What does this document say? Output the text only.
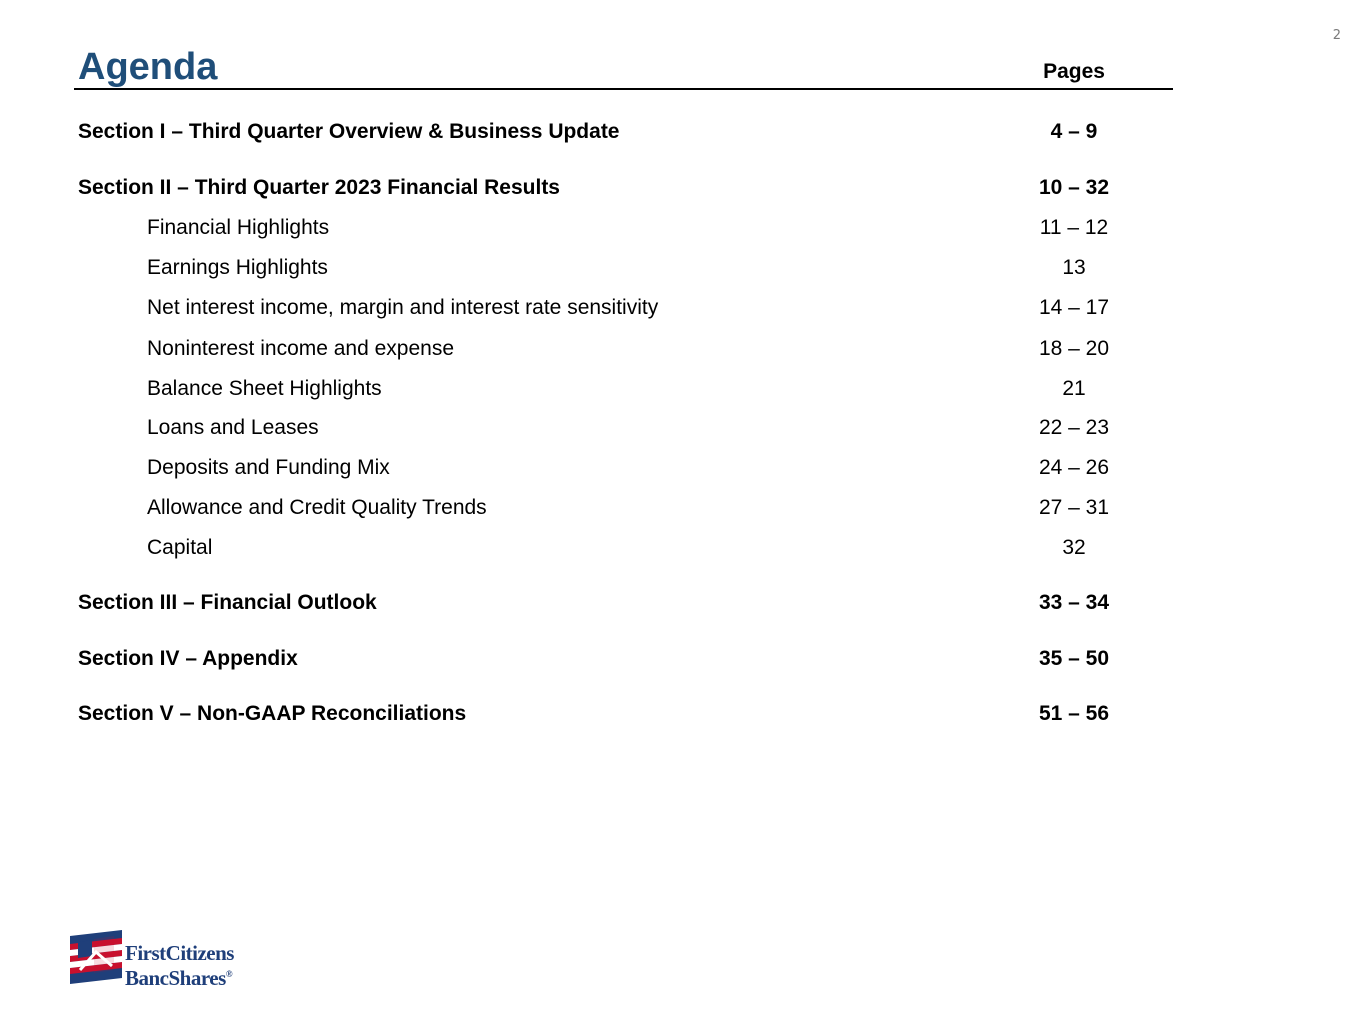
2
Agenda	Pages
Section I – Third Quarter Overview & Business Update	4 – 9
Section II – Third Quarter 2023 Financial Results	10 – 32
Financial Highlights	11 – 12
Earnings Highlights	13
Net interest income, margin and interest rate sensitivity	14 – 17
Noninterest income and expense	18 – 20
Balance Sheet Highlights	21
Loans and Leases	22 – 23
Deposits and Funding Mix	24 – 26
Allowance and Credit Quality Trends	27 – 31
Capital	32
Section III – Financial Outlook	33 – 34
Section IV – Appendix	35 – 50
Section V – Non-GAAP Reconciliations	51 – 56
FirstCitizens
BancShares®
